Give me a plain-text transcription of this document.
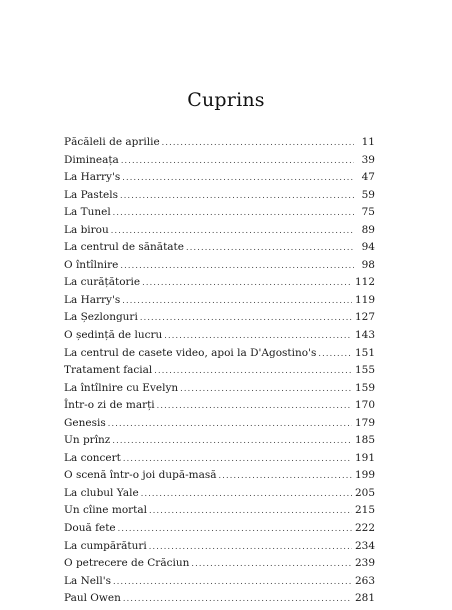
Cuprins
Păcăleli de aprilie .....	11
Dimineața .....	39
La Harry's .....	47
La Pastels .....	59
La Tunel .....	75
La birou .....	89
La centrul de sănătate .....	94
O întîlnire .....	98
La curățătorie .....	112
La Harry's .....	119
La Șezlonguri .....	127
O ședință de lucru .....	143
La centrul de casete video, apoi la D'Agostino's .....	151
Tratament facial .....	155
La întîlnire cu Evelyn .....	159
Într-o zi de marți .....	170
Genesis .....	179
Un prînz .....	185
La concert .....	191
O scenă într-o joi după-masă .....	199
La clubul Yale .....	205
Un cîine mortal .....	215
Două fete .....	222
La cumpărături .....	234
O petrecere de Crăciun .....	239
La Nell's .....	263
Paul Owen .....	281
